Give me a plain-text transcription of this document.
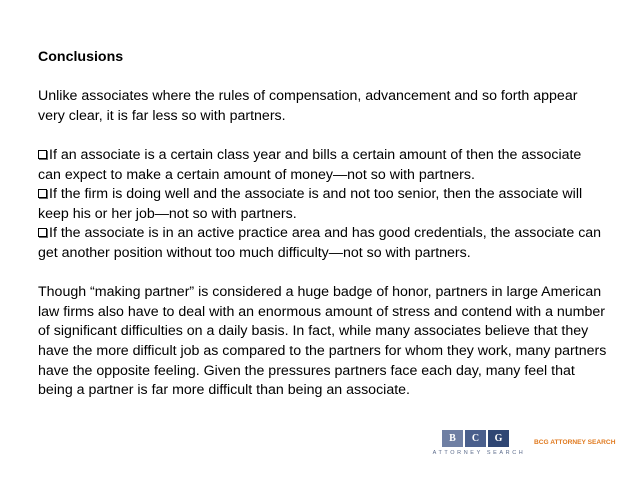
Conclusions

Unlike associates where the rules of compensation, advancement and so forth appear very clear, it is far less so with partners.

If an associate is a certain class year and bills a certain amount of then the associate can expect to make a certain amount of money—not so with partners.
If the firm is doing well and the associate is and not too senior, then the associate will keep his or her job—not so with partners.
If the associate is in an active practice area and has good credentials, the associate can get another position without too much difficulty—not so with partners.

Though “making partner” is considered a huge badge of honor, partners in large American law firms also have to deal with an enormous amount of stress and contend with a number of significant difficulties on a daily basis. In fact, while many associates believe that they have the more difficult job as compared to the partners for whom they work, many partners have the opposite feeling. Given the pressures partners face each day, many feel that being a partner is far more difficult than being an associate.

B	C	G
ATTORNEY SEARCH
BCG ATTORNEY SEARCH
